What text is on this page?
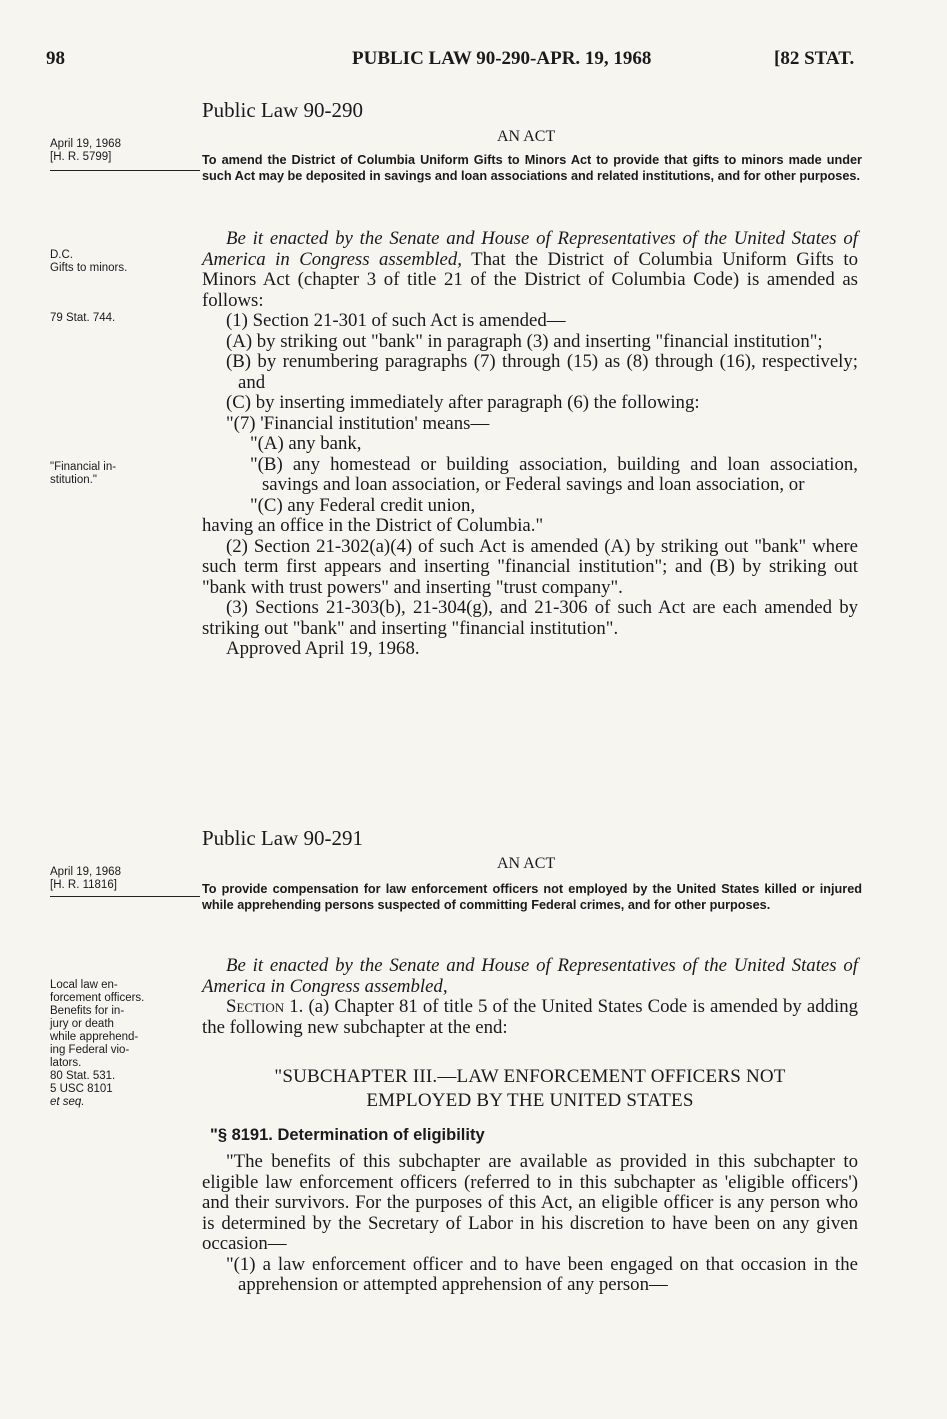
98	PUBLIC LAW 90-290-APR. 19, 1968	[82 STAT.
Public Law 90-290
AN ACT
April 19, 1968
[H. R. 5799]	To amend the District of Columbia Uniform Gifts to Minors Act to provide that gifts to minors made under such Act may be deposited in savings and loan associations and related institutions, and for other purposes.
D.C.
Gifts to minors.
79 Stat. 744.
"Financial in-
stitution."

Be it enacted by the Senate and House of Representatives of the United States of America in Congress assembled, That the District of Columbia Uniform Gifts to Minors Act (chapter 3 of title 21 of the District of Columbia Code) is amended as follows:

(1) Section 21-301 of such Act is amended—

(A) by striking out "bank" in paragraph (3) and inserting "financial institution";

(B) by renumbering paragraphs (7) through (15) as (8) through (16), respectively; and

(C) by inserting immediately after paragraph (6) the following:

"(7) 'Financial institution' means—

"(A) any bank,

"(B) any homestead or building association, building and loan association, savings and loan association, or Federal savings and loan association, or

"(C) any Federal credit union,

having an office in the District of Columbia."

(2) Section 21-302(a)(4) of such Act is amended (A) by striking out "bank" where such term first appears and inserting "financial institution"; and (B) by striking out "bank with trust powers" and inserting "trust company".

(3) Sections 21-303(b), 21-304(g), and 21-306 of such Act are each amended by striking out "bank" and inserting "financial institution".

Approved April 19, 1968.

Public Law 90-291
AN ACT
April 19, 1968
[H. R. 11816]	To provide compensation for law enforcement officers not employed by the United States killed or injured while apprehending persons suspected of committing Federal crimes, and for other purposes.
Local law en-
forcement officers.
Benefits for in-
jury or death
while apprehend-
ing Federal vio-
lators.
80 Stat. 531.
5 USC 8101
et seq.

Be it enacted by the Senate and House of Representatives of the United States of America in Congress assembled,

Section 1. (a) Chapter 81 of title 5 of the United States Code is amended by adding the following new subchapter at the end:

"SUBCHAPTER III.—LAW ENFORCEMENT OFFICERS NOT
EMPLOYED BY THE UNITED STATES
"§ 8191. Determination of eligibility

"The benefits of this subchapter are available as provided in this subchapter to eligible law enforcement officers (referred to in this subchapter as 'eligible officers') and their survivors. For the purposes of this Act, an eligible officer is any person who is determined by the Secretary of Labor in his discretion to have been on any given occasion—

"(1) a law enforcement officer and to have been engaged on that occasion in the apprehension or attempted apprehension of any person—
